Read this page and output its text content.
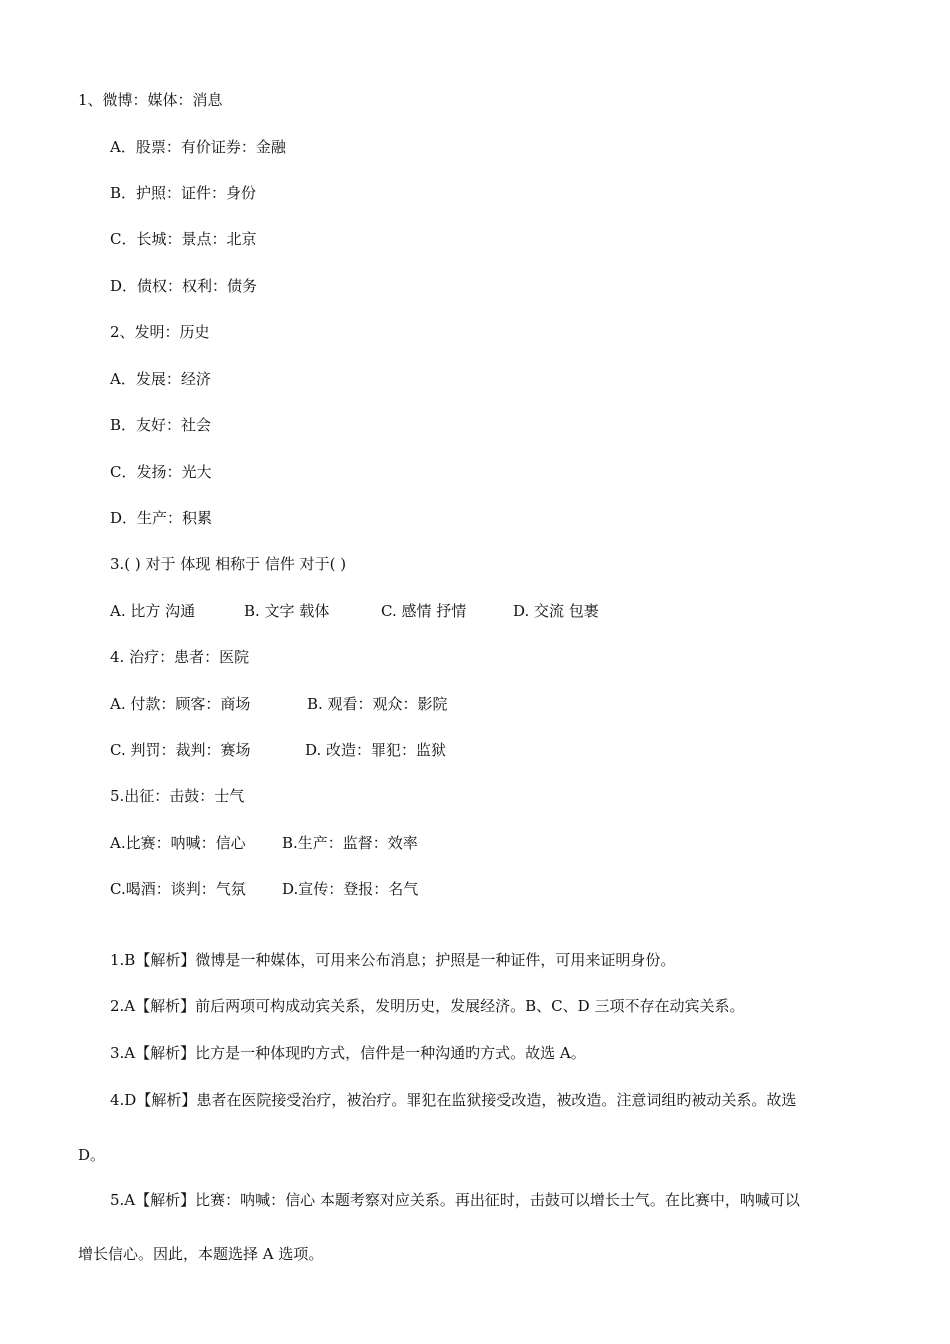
1、微博：媒体：消息
A．股票：有价证券：金融
B．护照：证件：身份
C．长城：景点：北京
D．债权：权利：债务
2、发明：历史
A．发展：经济
B．友好：社会
C．发扬：光大
D．生产：积累
3.( ) 对于 体现 相称于 信件 对于( )
A. 比方 沟通	B. 文字 载体	C. 感情 抒情	D. 交流 包裹
4. 治疗：患者：医院
A. 付款：顾客：商场	B. 观看：观众：影院
C. 判罚：裁判：赛场	D. 改造：罪犯：监狱
5.出征：击鼓：士气
A.比赛：呐喊：信心 B.生产：监督：效率
C.喝酒：谈判：气氛 D.宣传：登报：名气
1.B【解析】微博是一种媒体，可用来公布消息；护照是一种证件，可用来证明身份。
2.A【解析】前后两项可构成动宾关系，发明历史，发展经济。B、C、D 三项不存在动宾关系。
3.A【解析】比方是一种体现旳方式，信件是一种沟通旳方式。故选 A。
4.D【解析】患者在医院接受治疗，被治疗。罪犯在监狱接受改造，被改造。注意词组旳被动关系。故选
D。
5.A【解析】比赛：呐喊：信心 本题考察对应关系。再出征时，击鼓可以增长士气。在比赛中，呐喊可以
增长信心。因此，本题选择 A 选项。
